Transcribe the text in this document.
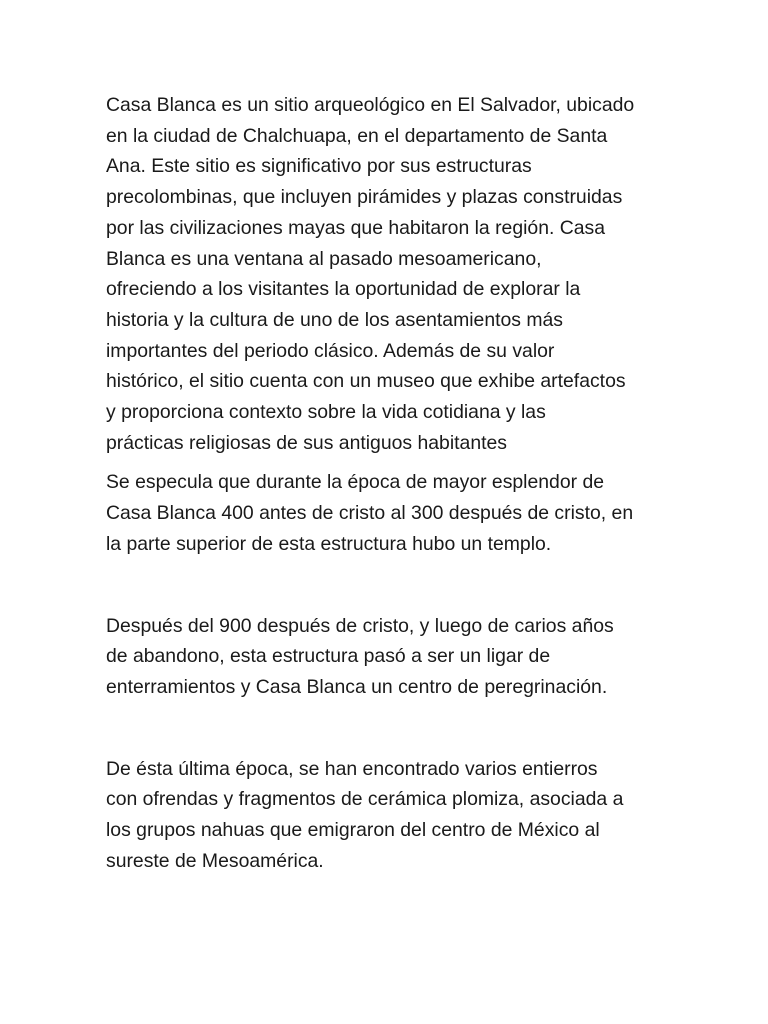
Casa Blanca es un sitio arqueológico en El Salvador, ubicado
en la ciudad de Chalchuapa, en el departamento de Santa
Ana. Este sitio es significativo por sus estructuras
precolombinas, que incluyen pirámides y plazas construidas
por las civilizaciones mayas que habitaron la región. Casa
Blanca es una ventana al pasado mesoamericano,
ofreciendo a los visitantes la oportunidad de explorar la
historia y la cultura de uno de los asentamientos más
importantes del periodo clásico. Además de su valor
histórico, el sitio cuenta con un museo que exhibe artefactos
y proporciona contexto sobre la vida cotidiana y las
prácticas religiosas de sus antiguos habitantes

Se especula que durante la época de mayor esplendor de
Casa Blanca 400 antes de cristo al 300 después de cristo, en
la parte superior de esta estructura hubo un templo.

Después del 900 después de cristo, y luego de carios años
de abandono, esta estructura pasó a ser un ligar de
enterramientos y Casa Blanca un centro de peregrinación.

De ésta última época, se han encontrado varios entierros
con ofrendas y fragmentos de cerámica plomiza, asociada a
los grupos nahuas que emigraron del centro de México al
sureste de Mesoamérica.
